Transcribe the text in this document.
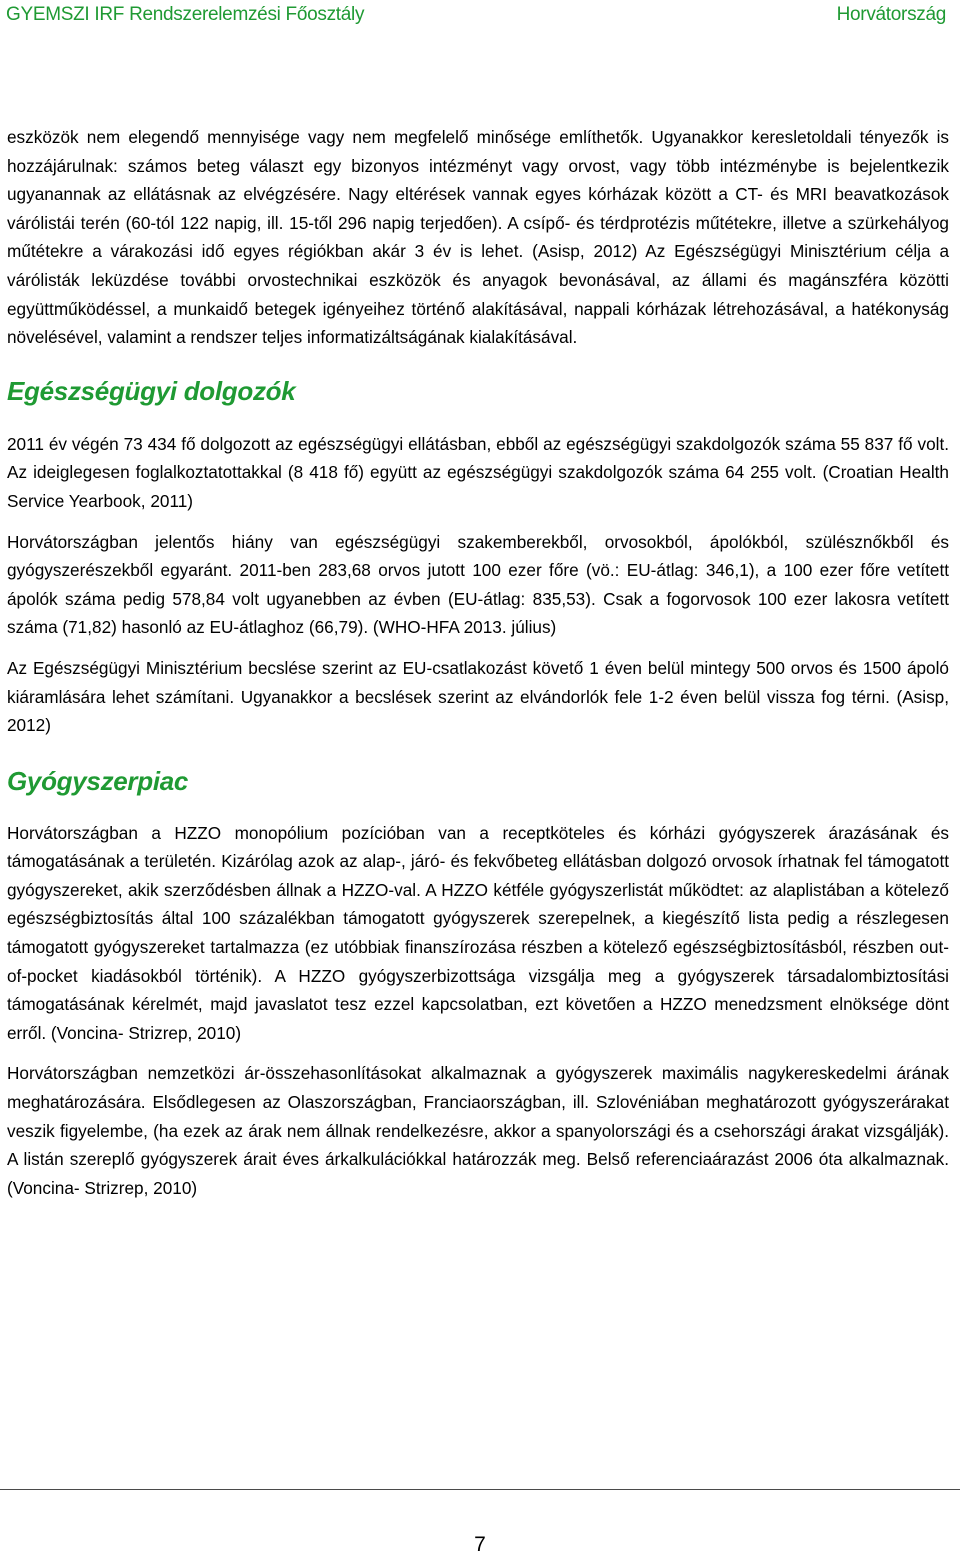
GYEMSZI IRF Rendszerelemzési Főosztály	Horvátország

eszközök nem elegendő mennyisége vagy nem megfelelő minősége említhetők. Ugyanakkor keresletoldali tényezők is hozzájárulnak: számos beteg választ egy bizonyos intézményt vagy orvost, vagy több intézménybe is bejelentkezik ugyanannak az ellátásnak az elvégzésére. Nagy eltérések vannak egyes kórházak között a CT- és MRI beavatkozások várólistái terén (60-tól 122 napig, ill. 15-től 296 napig terjedően). A csípő- és térdprotézis műtétekre, illetve a szürkehályog műtétekre a várakozási idő egyes régiókban akár 3 év is lehet. (Asisp, 2012) Az Egészségügyi Minisztérium célja a várólisták leküzdése további orvostechnikai eszközök és anyagok bevonásával, az állami és magánszféra közötti együttműködéssel, a munkaidő betegek igényeihez történő alakításával, nappali kórházak létrehozásával, a hatékonyság növelésével, valamint a rendszer teljes informatizáltságának kialakításával.

Egészségügyi dolgozók

2011 év végén 73 434 fő dolgozott az egészségügyi ellátásban, ebből az egészségügyi szakdolgozók száma 55 837 fő volt. Az ideiglegesen foglalkoztatottakkal (8 418 fő) együtt az egészségügyi szakdolgozók száma 64 255 volt. (Croatian Health Service Yearbook, 2011)

Horvátországban jelentős hiány van egészségügyi szakemberekből, orvosokból, ápolókból, szülésznőkből és gyógyszerészekből egyaránt. 2011-ben 283,68 orvos jutott 100 ezer főre (vö.: EU-átlag: 346,1), a 100 ezer főre vetített ápolók száma pedig 578,84 volt ugyanebben az évben (EU-átlag: 835,53). Csak a fogorvosok 100 ezer lakosra vetített száma (71,82) hasonló az EU-átlaghoz (66,79). (WHO-HFA 2013. július)

Az Egészségügyi Minisztérium becslése szerint az EU-csatlakozást követő 1 éven belül mintegy 500 orvos és 1500 ápoló kiáramlására lehet számítani. Ugyanakkor a becslések szerint az elvándorlók fele 1-2 éven belül vissza fog térni. (Asisp, 2012)

Gyógyszerpiac

Horvátországban a HZZO monopólium pozícióban van a receptköteles és kórházi gyógyszerek árazásának és támogatásának a területén. Kizárólag azok az alap-, járó- és fekvőbeteg ellátásban dolgozó orvosok írhatnak fel támogatott gyógyszereket, akik szerződésben állnak a HZZO-val. A HZZO kétféle gyógyszerlistát működtet: az alaplistában a kötelező egészségbiztosítás által 100 százalékban támogatott gyógyszerek szerepelnek, a kiegészítő lista pedig a részlegesen támogatott gyógyszereket tartalmazza (ez utóbbiak finanszírozása részben a kötelező egészségbiztosításból, részben out-of-pocket kiadásokból történik). A HZZO gyógyszerbizottsága vizsgálja meg a gyógyszerek társadalombiztosítási támogatásának kérelmét, majd javaslatot tesz ezzel kapcsolatban, ezt követően a HZZO menedzsment elnöksége dönt erről. (Voncina- Strizrep, 2010)

Horvátországban nemzetközi ár-összehasonlításokat alkalmaznak a gyógyszerek maximális nagykereskedelmi árának meghatározására. Elsődlegesen az Olaszországban, Franciaországban, ill. Szlovéniában meghatározott gyógyszerárakat veszik figyelembe, (ha ezek az árak nem állnak rendelkezésre, akkor a spanyolországi és a csehországi árakat vizsgálják). A listán szereplő gyógyszerek árait éves árkalkulációkkal határozzák meg. Belső referenciaárazást 2006 óta alkalmaznak. (Voncina- Strizrep, 2010)

7
